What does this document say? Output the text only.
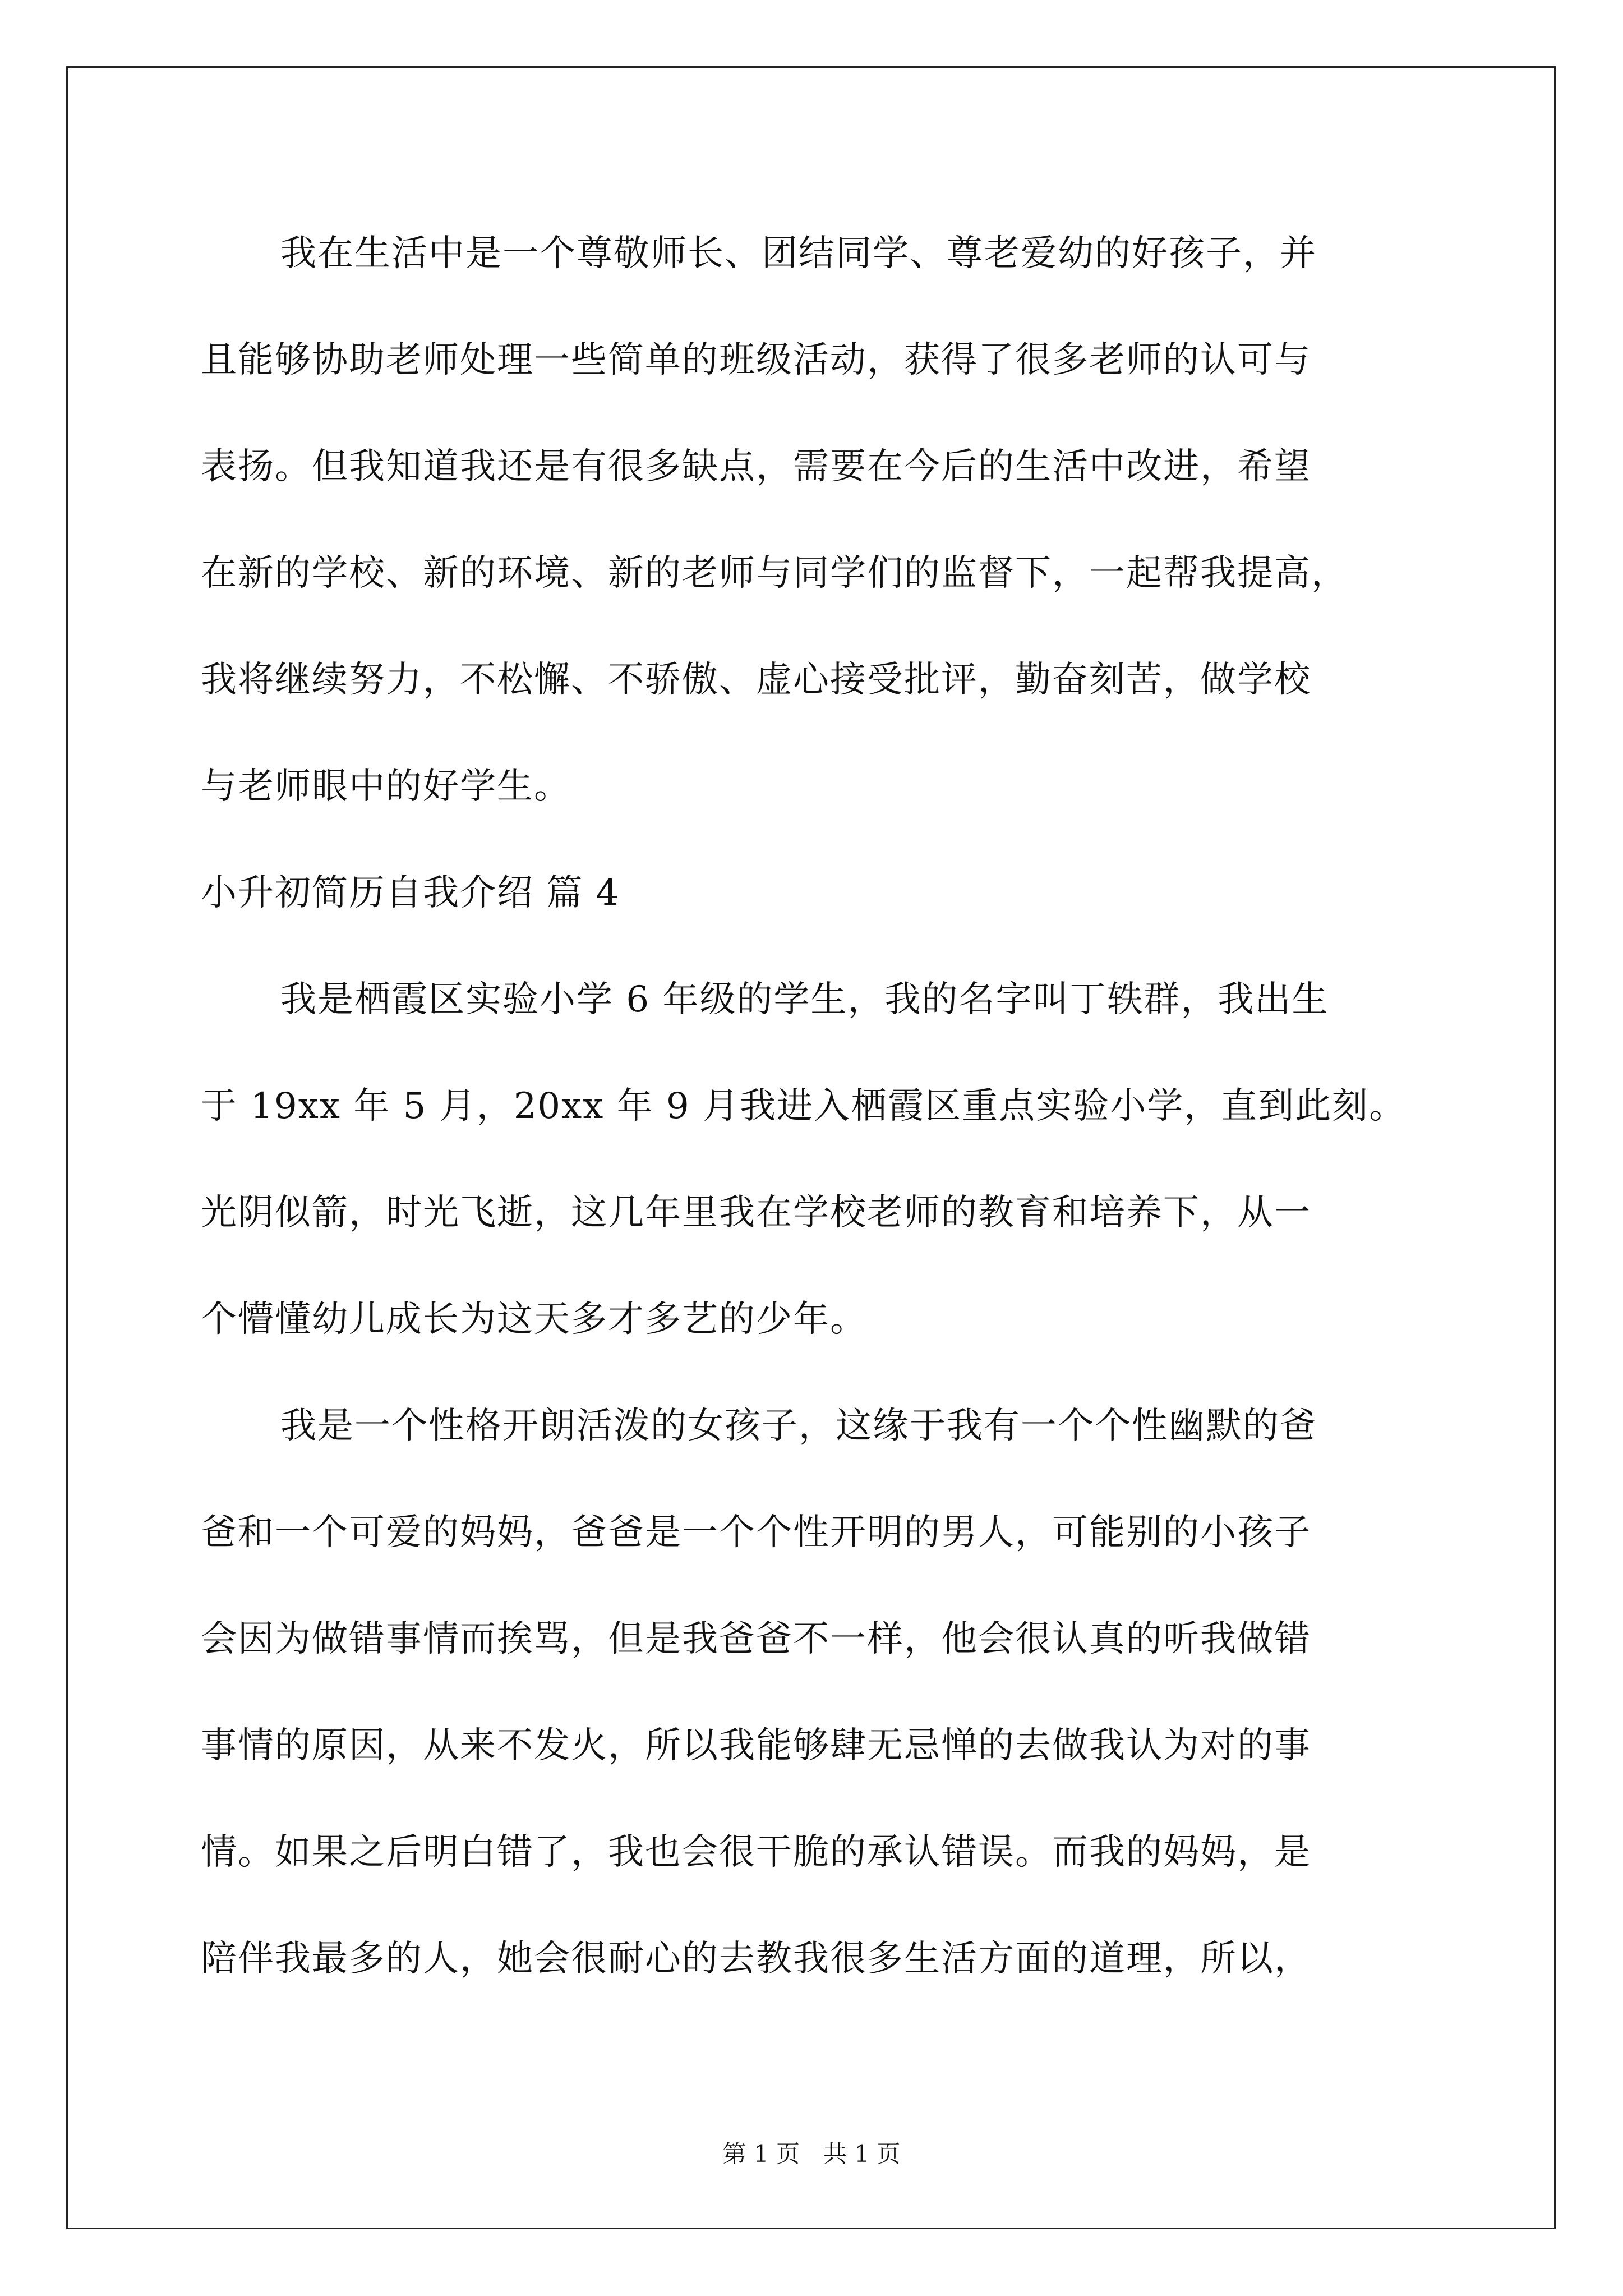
我在生活中是一个尊敬师长、团结同学、尊老爱幼的好孩子，并
且能够协助老师处理一些简单的班级活动，获得了很多老师的认可与
表扬。但我知道我还是有很多缺点，需要在今后的生活中改进，希望
在新的学校、新的环境、新的老师与同学们的监督下，一起帮我提高，
我将继续努力，不松懈、不骄傲、虚心接受批评，勤奋刻苦，做学校
与老师眼中的好学生。
小升初简历自我介绍 篇 4
我是栖霞区实验小学 6 年级的学生，我的名字叫丁轶群，我出生
于 19xx 年 5 月，20xx 年 9 月我进入栖霞区重点实验小学，直到此刻。
光阴似箭，时光飞逝，这几年里我在学校老师的教育和培养下，从一
个懵懂幼儿成长为这天多才多艺的少年。
我是一个性格开朗活泼的女孩子，这缘于我有一个个性幽默的爸
爸和一个可爱的妈妈，爸爸是一个个性开明的男人，可能别的小孩子
会因为做错事情而挨骂，但是我爸爸不一样，他会很认真的听我做错
事情的原因，从来不发火，所以我能够肆无忌惮的去做我认为对的事
情。如果之后明白错了，我也会很干脆的承认错误。而我的妈妈，是
陪伴我最多的人，她会很耐心的去教我很多生活方面的道理，所以，
第 1 页　共 1 页
